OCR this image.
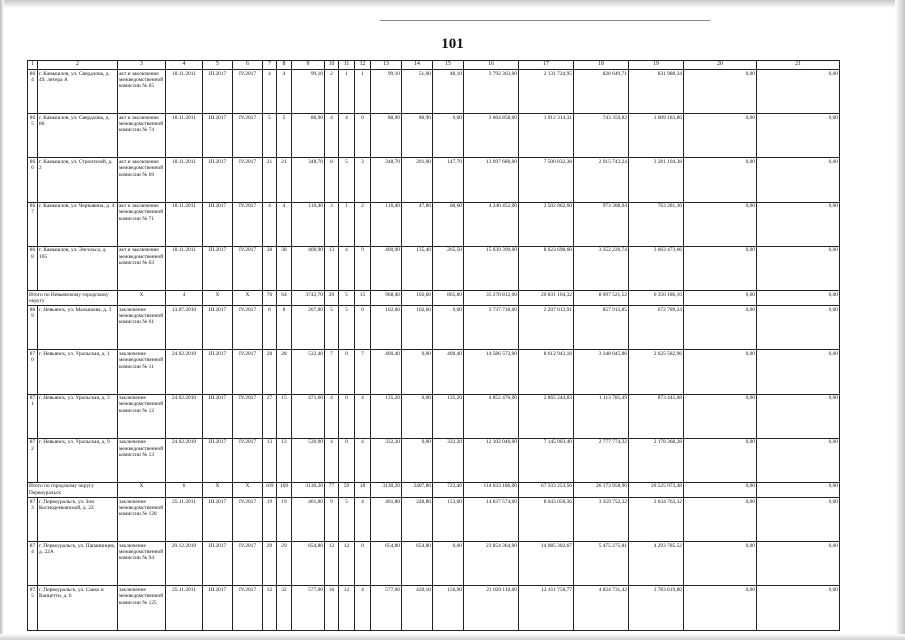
101
1	2	3	4	5	6	7	8	9	10	11	12	13	14	15	16	17	18	19	20	21
864	г. Камышлов, ул. Свердлова, д. 49, литера А	акт и заключение межведомственной комиссии № 65	18.11.2011	III.2017	IV.2017	4	4	99,10	2	1	1	99,10	51,00	48,10	3 792 363,00	2 131 724,95	828 649,71	831 988,34	0,00	0,00
865	г. Камышлов, ул. Свердлова, д. 86	акт и заключение межведомственной комиссии № 74	18.11.2011	III.2017	IV.2017	5	5	88,90	4	4	0	88,90	88,90	0,00	3 664 858,00	1 912 314,31	743 359,83	1 009 183,86	0,00	0,00
866	г. Камышлов, ул. Строителей, д. 2	акт и заключение межведомственной комиссии № 69	18.11.2011	III.2017	IV.2017	21	21	348,70	8	5	3	348,70	201,00	147,70	13 697 680,00	7 500 832,38	2 915 743,24	3 281 104,38	0,00	0,00
867	г. Камышлов, ул. Чернавина, д. 4	акт и заключение межведомственной комиссии № 71	18.11.2011	III.2017	IV.2017	4	4	116,40	3	1	2	116,40	47,80	68,60	4 240 452,00	2 502 862,60	973 308,04	763 281,36	0,00	0,00
868	г. Камышлов, ул. Энгельса, д. 165	акт и заключение межведомственной комиссии № 63	18.11.2011	III.2017	IV.2017	38	38	400,90	13	4	9	400,90	135,40	265,50	15 639 399,00	8 623 698,60	3 352 226,74	3 663 473,66	0,00	0,00
Итого по Невьянскому городскому округу		X	4	X	X	76	64	3742,70	20	5	15	968,40	102,60	865,80	35 278 812,00	20 831 104,32	8 097 521,52	6 350 186,16	0,00	0,00
869	г. Невьянск, ул. Малышева, д. 3	заключение межведомственной комиссии № 61	13.07.2010	III.2017	IV.2017	8	8	207,80	5	5	0	102,60	102,60	0,00	3 737 718,00	2 207 012,91	857 915,85	672 789,24	0,00	0,00
870	г. Невьянск, ул. Уральская, д. 1	заключение межведомственной комиссии № 11	24.02.2010	III.2017	IV.2017	28	28	532,40	7	0	7	400,40	0,00	400,40	14 586 572,00	8 612 943,18	3 348 045,86	2 625 582,96	0,00	0,00
871	г. Невьянск, ул. Уральская, д. 3	заключение межведомственной комиссии № 12	24.02.2010	III.2017	IV.2017	27	15	471,60	4	0	4	135,20	0,00	135,20	4 852 476,00	2 865 244,83	1 113 785,49	873 445,68	0,00	0,00
872	г. Невьянск, ул. Уральская, д. 9	заключение межведомственной комиссии № 13	24.02.2010	III.2017	IV.2017	13	13	530,90	4	0	4	332,20	0,00	332,20	12 102 046,00	7 145 903,40	2 777 774,32	2 178 368,28	0,00	0,00
Итого по городскому округу Первоуральск		X	6	X	X	169	169	3130,20	77	59	18	3130,20	2407,80	722,40	114 033 186,00	67 333 253,56	26 173 958,96	20 525 973,48	0,00	0,00
873	г. Первоуральск, ул. Зои Космодемьянской, д. 22	заключение межведомственной комиссии № 128	25.11.2011	III.2017	IV.2017	19	19	401,80	9	5	4	401,80	248,80	153,00	14 637 574,00	8 643 058,36	3 359 752,32	2 634 763,32	0,00	0,00
874	г. Первоуральск, ул. Папанинцев, д. 22А	заключение межведомственной комиссии № 94	29.12.2010	III.2017	IV.2017	29	29	654,80	12	12	0	654,80	654,80	0,00	23 854 364,00	14 085 302,67	5 475 275,81	4 293 785,52	0,00	0,00
875	г. Первоуральск, ул. Сакко и Ванцетти, д. 6	заключение межведомственной комиссии № 125	25.11.2011	III.2017	IV.2017	32	32	577,00	16	12	4	577,00	420,10	156,90	21 020 110,00	12 411 758,77	4 824 731,43	3 783 619,80	0,00	0,00
